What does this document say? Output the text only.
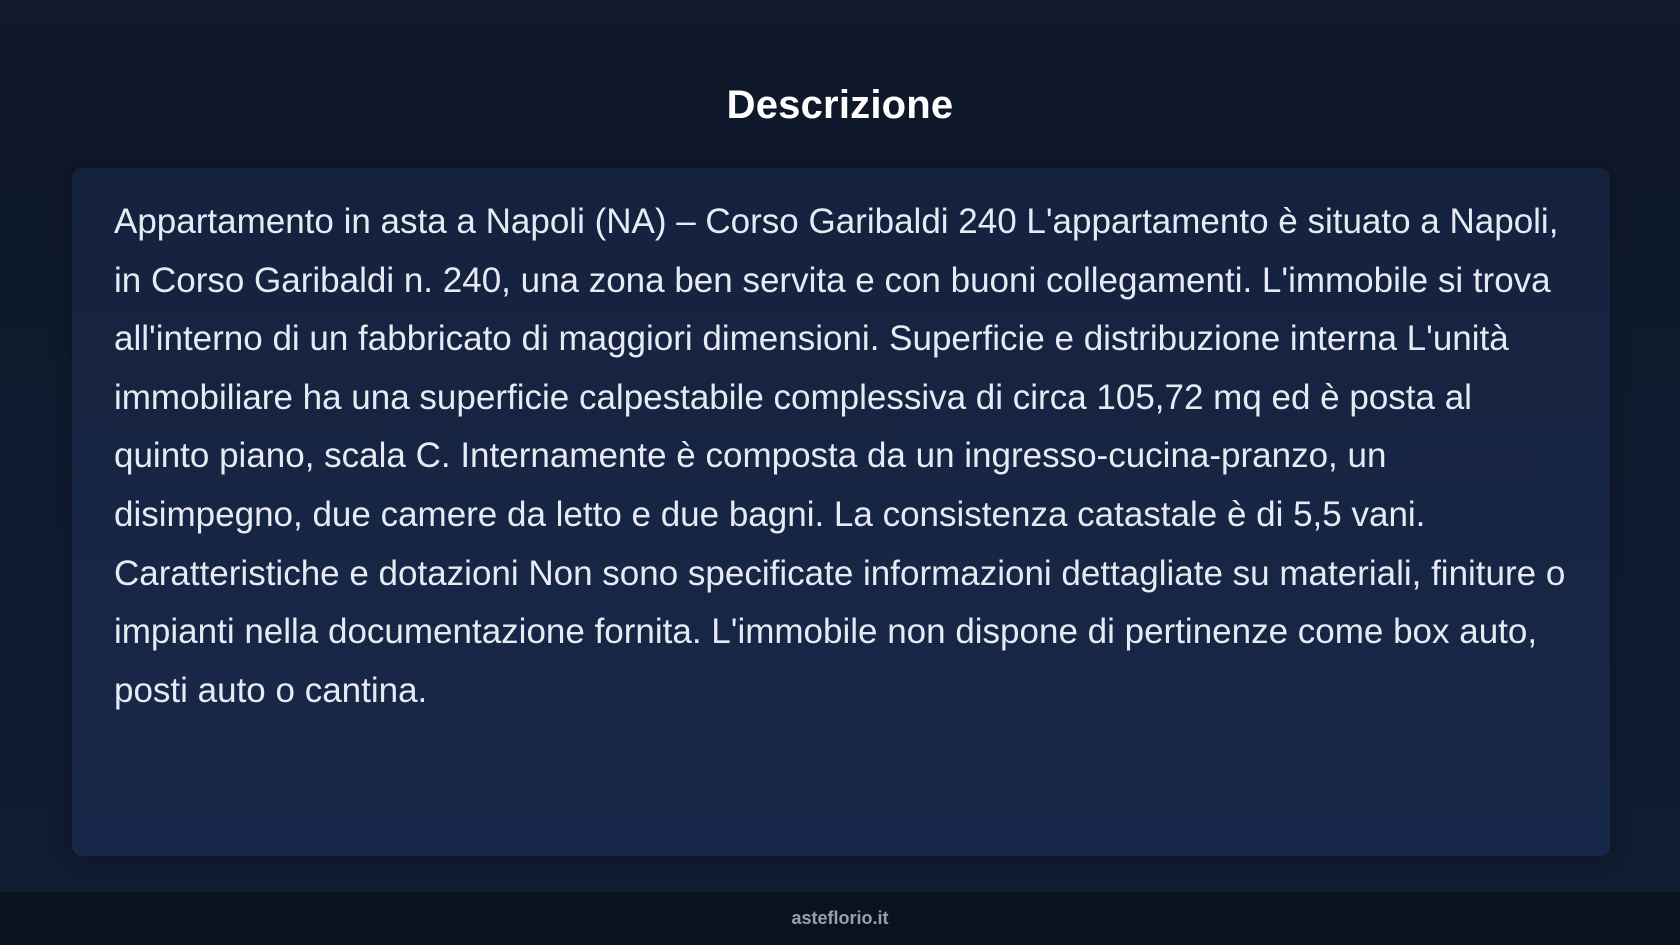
Descrizione

Appartamento in asta a Napoli (NA) – Corso Garibaldi 240 L'appartamento è situato a Napoli, in Corso Garibaldi n. 240, una zona ben servita e con buoni collegamenti. L'immobile si trova all'interno di un fabbricato di maggiori dimensioni. Superficie e distribuzione interna L'unità immobiliare ha una superficie calpestabile complessiva di circa 105,72 mq ed è posta al quinto piano, scala C. Internamente è composta da un ingresso-cucina-pranzo, un disimpegno, due camere da letto e due bagni. La consistenza catastale è di 5,5 vani. Caratteristiche e dotazioni Non sono specificate informazioni dettagliate su materiali, finiture o impianti nella documentazione fornita. L'immobile non dispone di pertinenze come box auto, posti auto o cantina.

asteflorio.it
